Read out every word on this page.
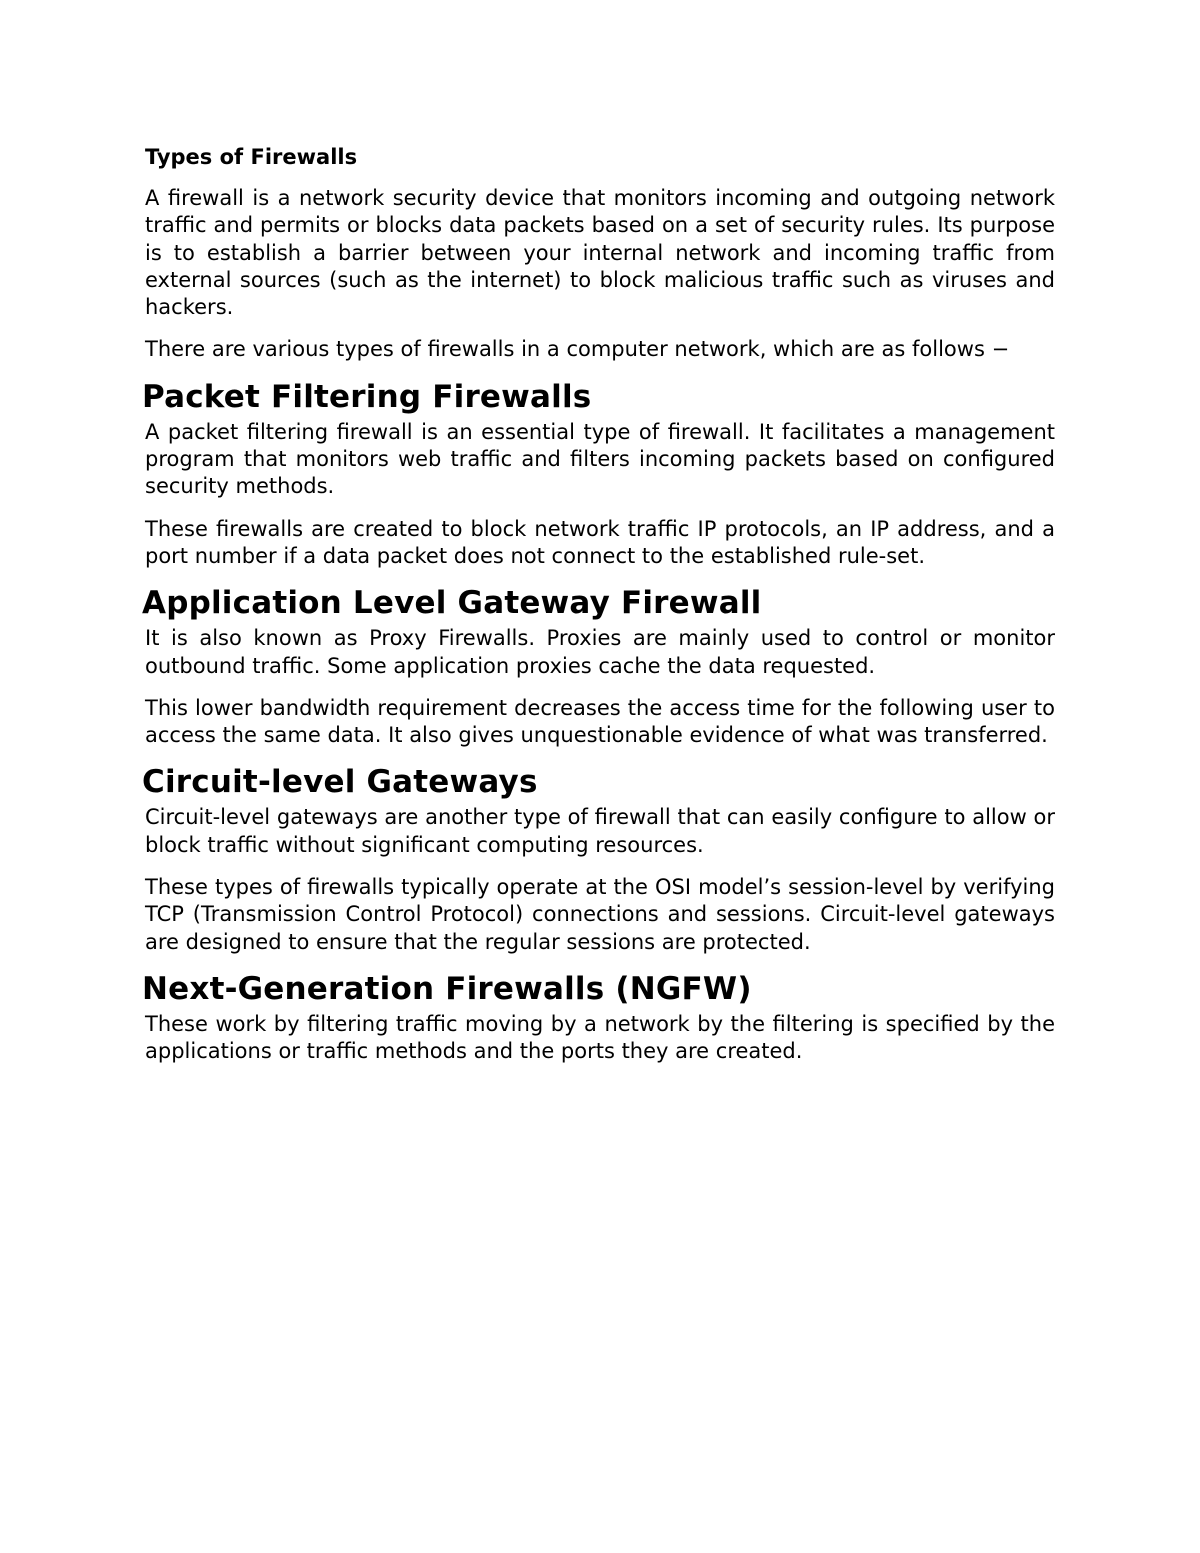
Types of Firewalls

A firewall is a network security device that monitors incoming and outgoing network traffic and permits or blocks data packets based on a set of security rules. Its purpose is to establish a barrier between your internal network and incoming traffic from external sources (such as the internet) to block malicious traffic such as viruses and hackers.

There are various types of firewalls in a computer network, which are as follows −

Packet Filtering Firewalls

A packet filtering firewall is an essential type of firewall. It facilitates a management program that monitors web traffic and filters incoming packets based on configured security methods.

These firewalls are created to block network traffic IP protocols, an IP address, and a port number if a data packet does not connect to the established rule-set.

Application Level Gateway Firewall

It is also known as Proxy Firewalls. Proxies are mainly used to control or monitor outbound traffic. Some application proxies cache the data requested.

This lower bandwidth requirement decreases the access time for the following user to access the same data. It also gives unquestionable evidence of what was transferred.

Circuit-level Gateways

Circuit-level gateways are another type of firewall that can easily configure to allow or block traffic without significant computing resources.

These types of firewalls typically operate at the OSI model’s session-level by verifying TCP (Transmission Control Protocol) connections and sessions. Circuit-level gateways are designed to ensure that the regular sessions are protected.

Next-Generation Firewalls (NGFW)

These work by filtering traffic moving by a network by the filtering is specified by the applications or traffic methods and the ports they are created.
